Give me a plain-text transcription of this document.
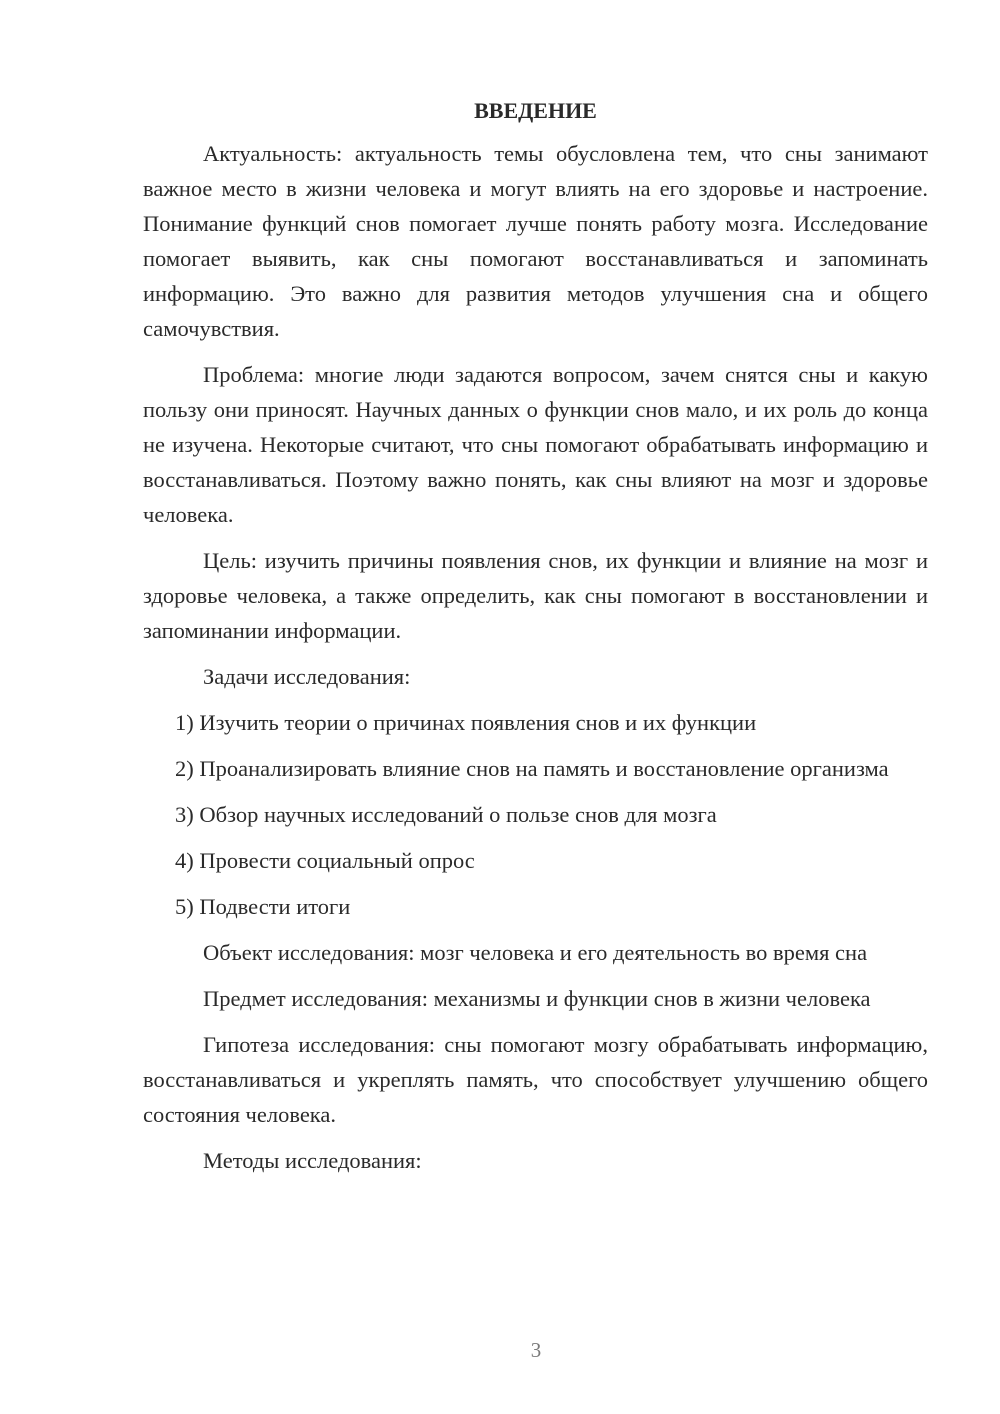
ВВЕДЕНИЕ

Актуальность: актуальность темы обусловлена тем, что сны занимают важное место в жизни человека и могут влиять на его здоровье и настроение. Понимание функций снов помогает лучше понять работу мозга. Исследование помогает выявить, как сны помогают восстанавливаться и запоминать информацию. Это важно для развития методов улучшения сна и общего самочувствия.

Проблема: многие люди задаются вопросом, зачем снятся сны и какую пользу они приносят. Научных данных о функции снов мало, и их роль до конца не изучена. Некоторые считают, что сны помогают обрабатывать информацию и восстанавливаться. Поэтому важно понять, как сны влияют на мозг и здоровье человека.

Цель: изучить причины появления снов, их функции и влияние на мозг и здоровье человека, а также определить, как сны помогают в восстановлении и запоминании информации.

Задачи исследования:

1) Изучить теории о причинах появления снов и их функции

2) Проанализировать влияние снов на память и восстановление организма

3) Обзор научных исследований о пользе снов для мозга

4) Провести социальный опрос

5) Подвести итоги

Объект исследования: мозг человека и его деятельность во время сна

Предмет исследования: механизмы и функции снов в жизни человека

Гипотеза исследования: сны помогают мозгу обрабатывать информацию, восстанавливаться и укреплять память, что способствует улучшению общего состояния человека.

Методы исследования:

3
